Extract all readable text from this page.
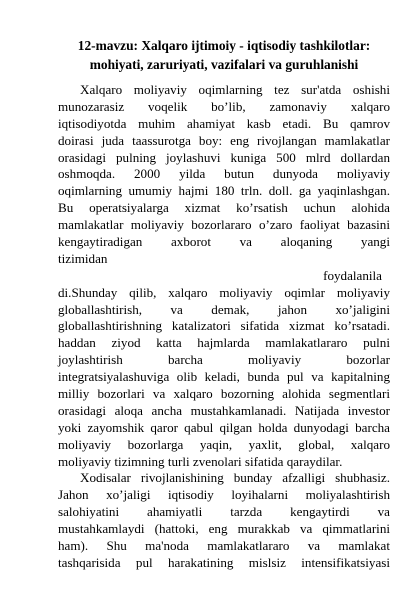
12-mavzu: Xalqaro ijtimoiy - iqtisodiy tashkilotlar:
mohiyati, zaruriyati, vazifalari va guruhlanishi
Xalqaro moliyaviy oqimlarning tez sur'atda oshishi
munozarasiz voqelik bo’lib, zamonaviy xalqaro
iqtisodiyotda muhim ahamiyat kasb etadi. Bu qamrov
doirasi juda taassurotga boy: eng rivojlangan mamlakatlar
orasidagi pulning joylashuvi kuniga 500 mlrd dollardan
oshmoqda. 2000 yilda butun dunyoda moliyaviy
oqimlarning umumiy hajmi 180 trln. doll. ga yaqinlashgan.
Bu operatsiyalarga xizmat ko’rsatish uchun alohida
mamlakatlar moliyaviy bozorlararo o’zaro faoliyat bazasini
kengaytiradigan axborot va aloqaning yangi
tizimidan
foydalanila
di.Shunday qilib, xalqaro moliyaviy oqimlar moliyaviy
globallashtirish, va demak, jahon xo’jaligini
globallashtirishning katalizatori sifatida xizmat ko’rsatadi.
haddan ziyod katta hajmlarda mamlakatlararo pulni
joylashtirish barcha moliyaviy bozorlar
integratsiyalashuviga olib keladi, bunda pul va kapitalning
milliy bozorlari va xalqaro bozorning alohida segmentlari
orasidagi aloqa ancha mustahkamlanadi. Natijada investor
yoki zayomshik qaror qabul qilgan holda dunyodagi barcha
moliyaviy bozorlarga yaqin, yaxlit, global, xalqaro
moliyaviy tizimning turli zvenolari sifatida qaraydilar.
Xodisalar rivojlanishining bunday afzalligi shubhasiz.
Jahon xo’jaligi iqtisodiy loyihalarni moliyalashtirish
salohiyatini ahamiyatli tarzda kengaytirdi va
mustahkamlaydi (hattoki, eng murakkab va qimmatlarini
ham). Shu ma'noda mamlakatlararo va mamlakat
tashqarisida pul harakatining mislsiz intensifikatsiyasi
